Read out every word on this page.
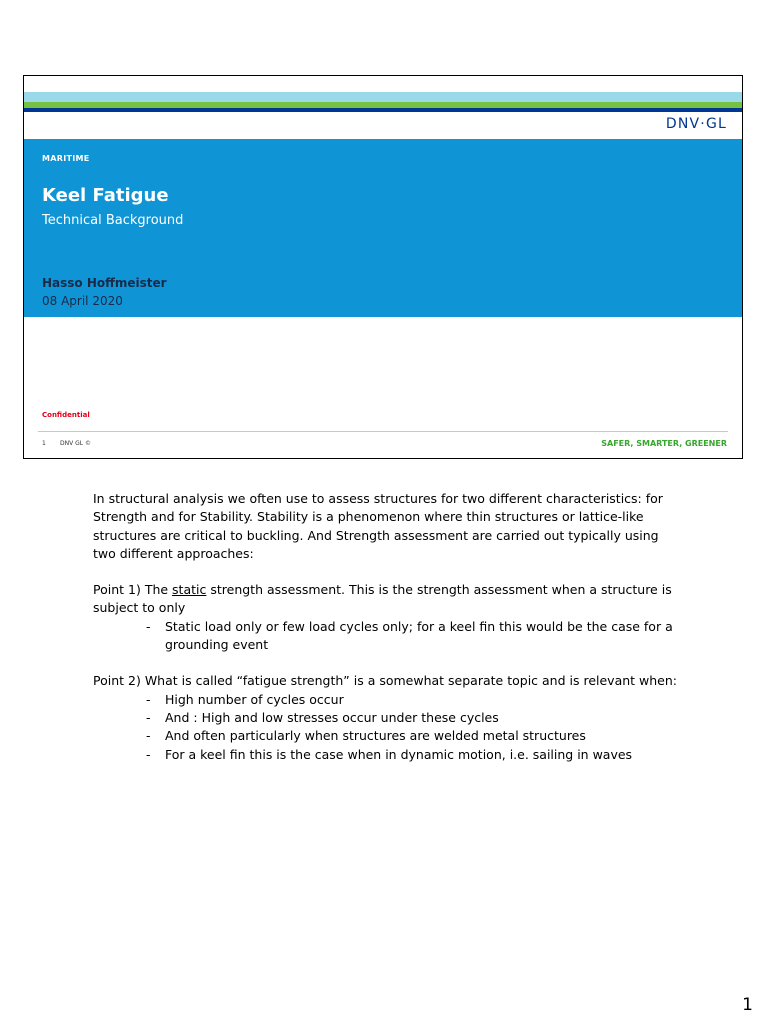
DNV·GL
MARITIME
Keel Fatigue
Technical Background
Hasso Hoffmeister
08 April 2020
Confidential
1 DNV GL ©	SAFER, SMARTER, GREENER

In structural analysis we often use to assess structures for two different characteristics: for Strength and for Stability. Stability is a phenomenon where thin structures or lattice-like structures are critical to buckling. And Strength assessment are carried out typically using two different approaches:

Point 1) The static strength assessment. This is the strength assessment when a structure is subject to only

- Static load only or few load cycles only; for a keel fin this would be the case for a grounding event

Point 2) What is called “fatigue strength” is a somewhat separate topic and is relevant when:

- High number of cycles occur
- And : High and low stresses occur under these cycles
- And often particularly when structures are welded metal structures
- For a keel fin this is the case when in dynamic motion, i.e. sailing in waves
1
